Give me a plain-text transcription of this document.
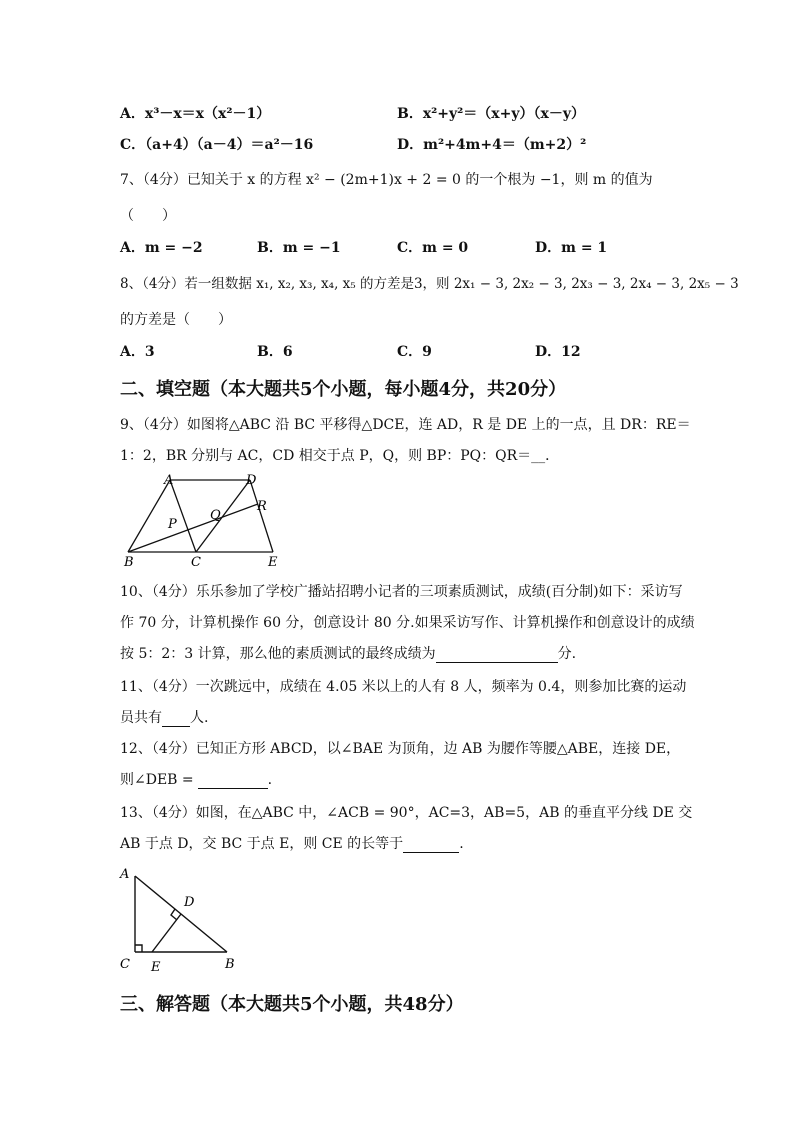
A．x³－x＝x（x²－1）	B．x²+y²＝（x+y）（x－y）
C．（a+4）（a－4）＝a²－16	D．m²+4m+4＝（m+2）²
7、（4分）已知关于 x 的方程 x² − (2m+1)x + 2 = 0 的一个根为 −1，则 m 的值为
（　　）
A．m = −2	B．m = −1	C．m = 0	D．m = 1
8、（4分）若一组数据 x₁, x₂, x₃, x₄, x₅ 的方差是3，则 2x₁ − 3, 2x₂ − 3, 2x₃ − 3, 2x₄ − 3, 2x₅ − 3
的方差是（　　）
A．3	B．6	C．9	D．12
二、填空题（本大题共5个小题，每小题4分，共20分）
9、（4分）如图将△ABC 沿 BC 平移得△DCE，连 AD，R 是 DE 上的一点，且 DR：RE＝
1：2，BR 分别与 AC，CD 相交于点 P，Q，则 BP：PQ：QR＝__．
A	D
R
Q
P
B	C	E
10、（4分）乐乐参加了学校广播站招聘小记者的三项素质测试，成绩(百分制)如下：采访写
作 70 分，计算机操作 60 分，创意设计 80 分.如果采访写作、计算机操作和创意设计的成绩
按 5：2：3 计算，那么他的素质测试的最终成绩为	分.
11、（4分）一次跳远中，成绩在 4.05 米以上的人有 8 人，频率为 0.4，则参加比赛的运动
员共有 人.
12、（4分）已知正方形 ABCD，以∠BAE 为顶角，边 AB 为腰作等腰△ABE，连接 DE，
则∠DEB =	.
13、（4分）如图，在△ABC 中，∠ACB = 90°，AC=3，AB=5，AB 的垂直平分线 DE 交
AB 于点 D，交 BC 于点 E，则 CE 的长等于	.
A
D
C E	B
三、解答题（本大题共5个小题，共48分）
